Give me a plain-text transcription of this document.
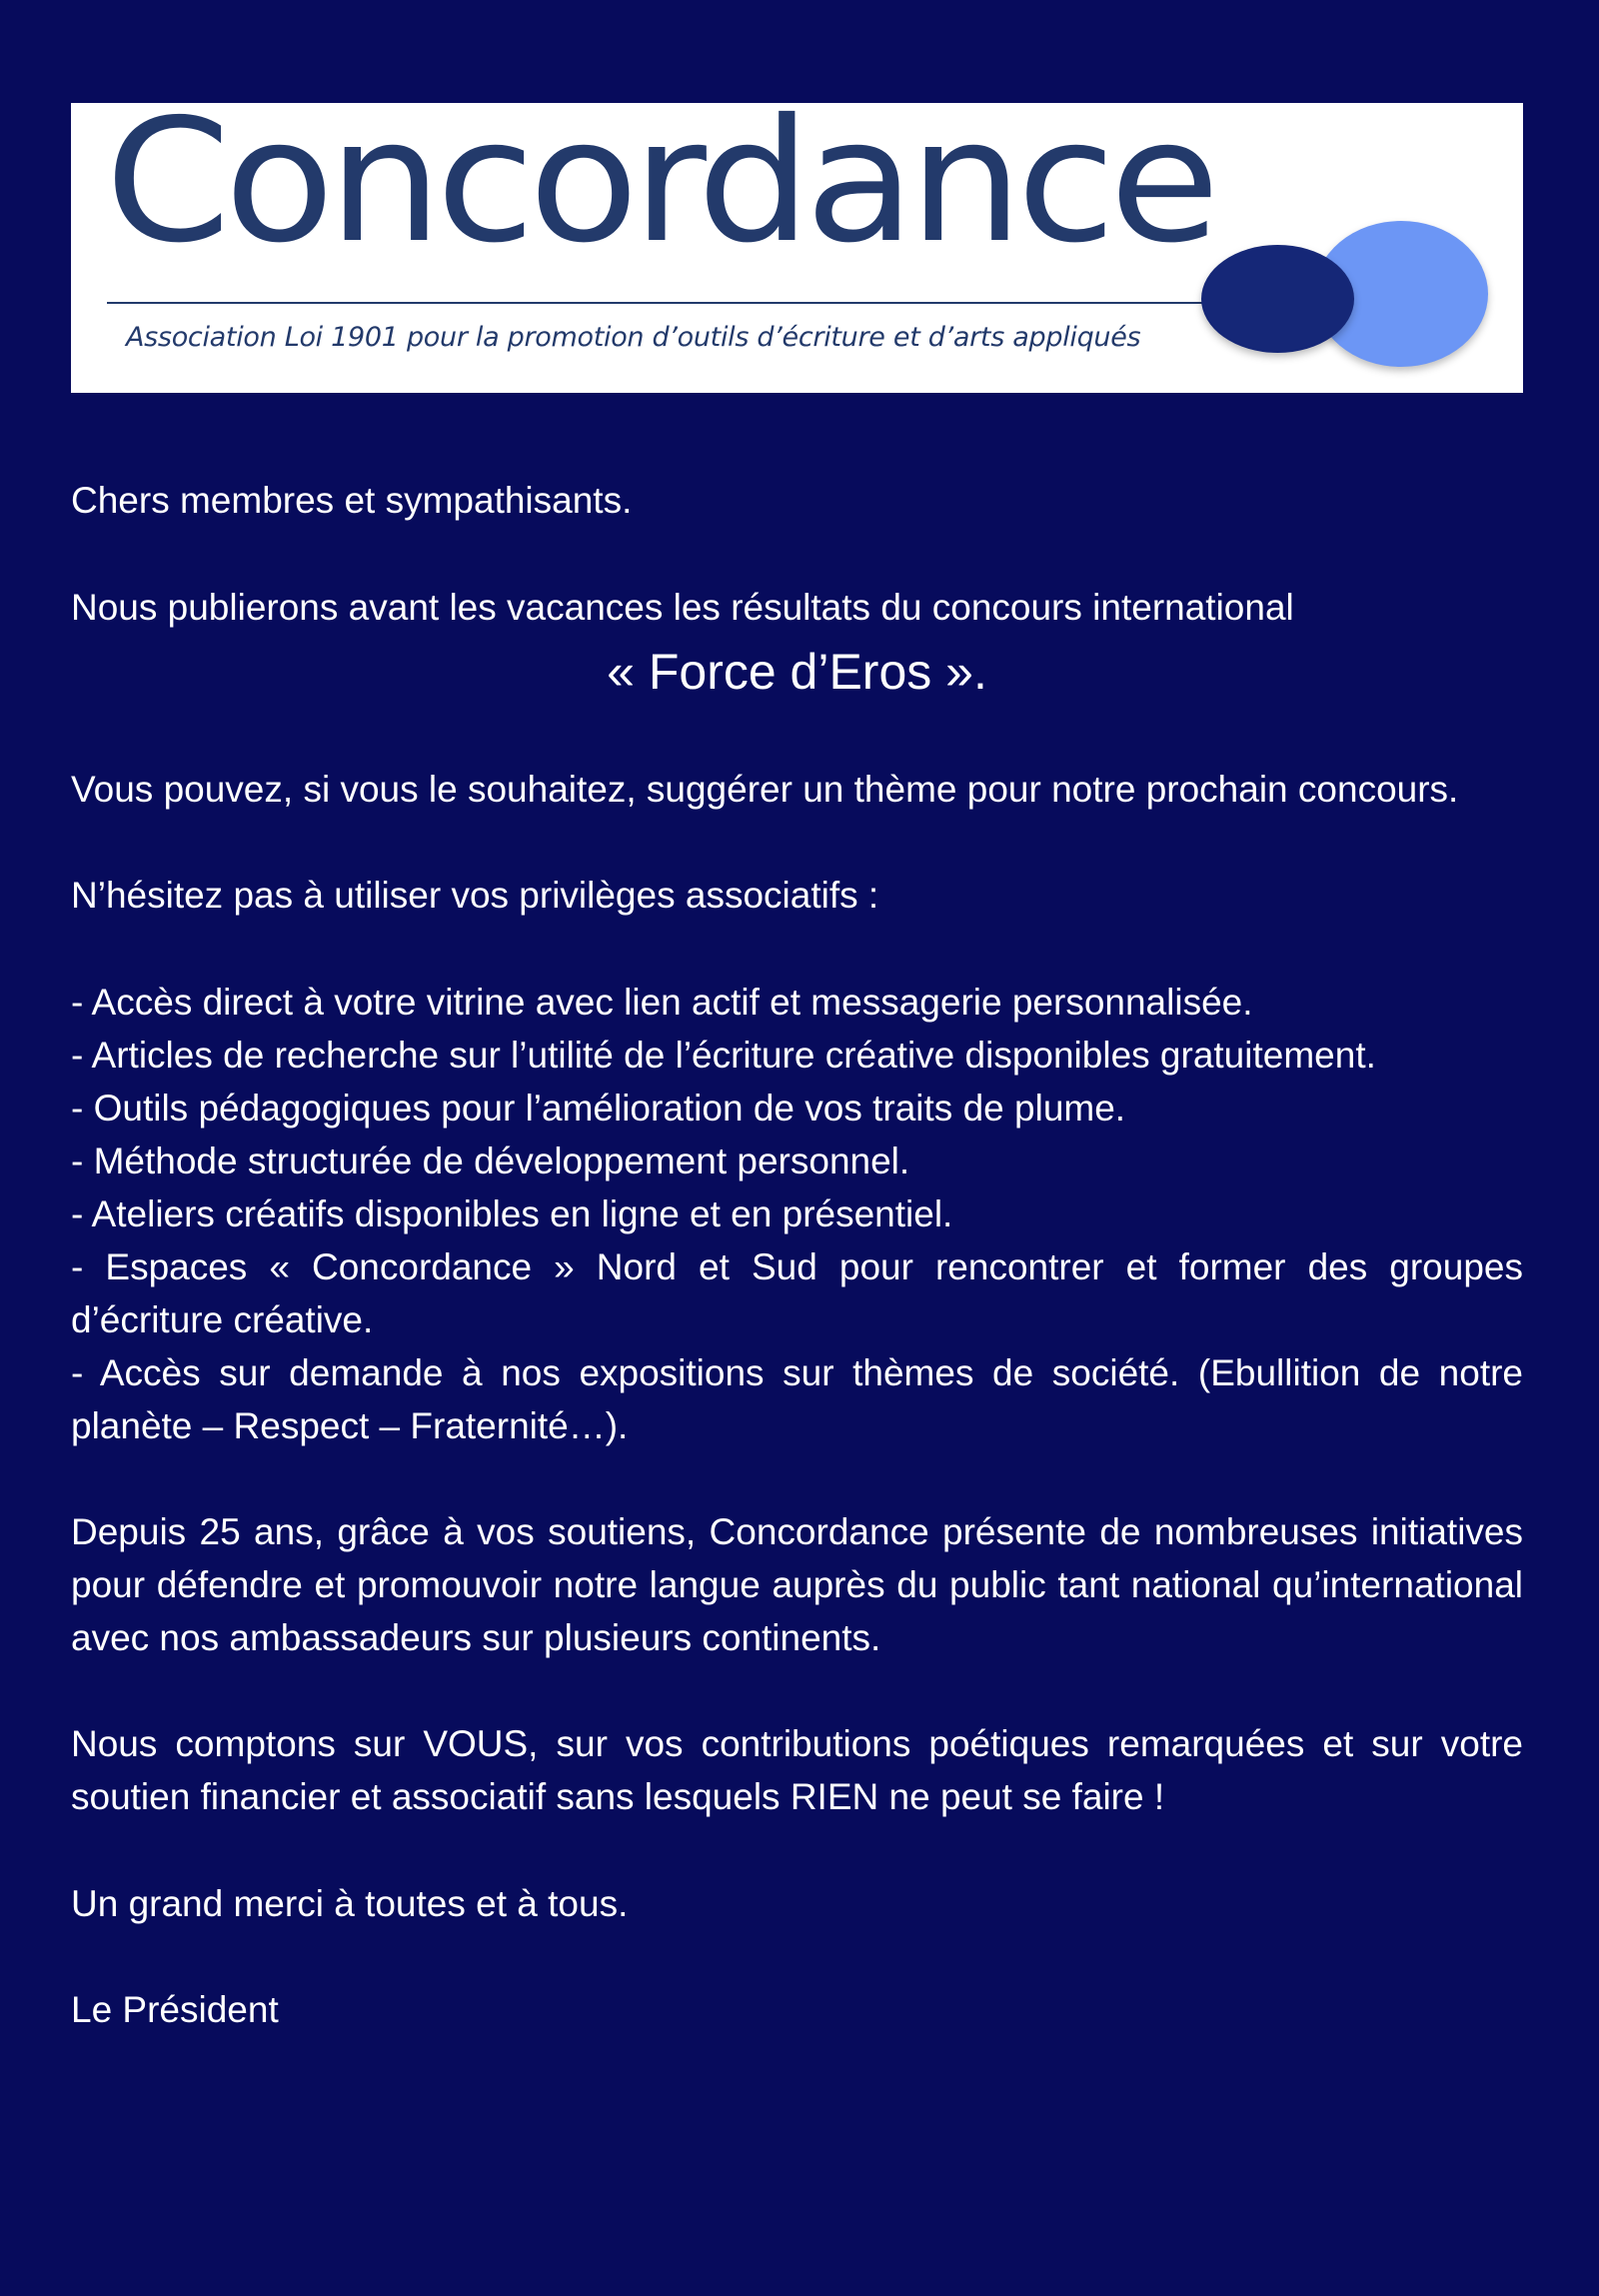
Concordance
Association Loi 1901 pour la promotion d’outils d’écriture et d’arts appliqués

Chers membres et sympathisants.

Nous publierons avant les vacances les résultats du concours international

« Force d’Eros ».

Vous pouvez, si vous le souhaitez, suggérer un thème pour notre prochain concours.

N’hésitez pas à utiliser vos privilèges associatifs :

- Accès direct à votre vitrine avec lien actif et messagerie personnalisée.

- Articles de recherche sur l’utilité de l’écriture créative disponibles gratuitement.

- Outils pédagogiques pour l’amélioration de vos traits de plume.

- Méthode structurée de développement personnel.

- Ateliers créatifs disponibles en ligne et en présentiel.

- Espaces « Concordance » Nord et Sud pour rencontrer et former des groupes d’écriture créative.

- Accès sur demande à nos expositions sur thèmes de société. (Ebullition de notre planète – Respect – Fraternité…).

Depuis 25 ans, grâce à vos soutiens, Concordance présente de nombreuses initiatives pour défendre et promouvoir notre langue auprès du public tant national qu’international avec nos ambassadeurs sur plusieurs continents.

Nous comptons sur VOUS, sur vos contributions poétiques remarquées et sur votre soutien financier et associatif sans lesquels RIEN ne peut se faire !

Un grand merci à toutes et à tous.

Le Président
